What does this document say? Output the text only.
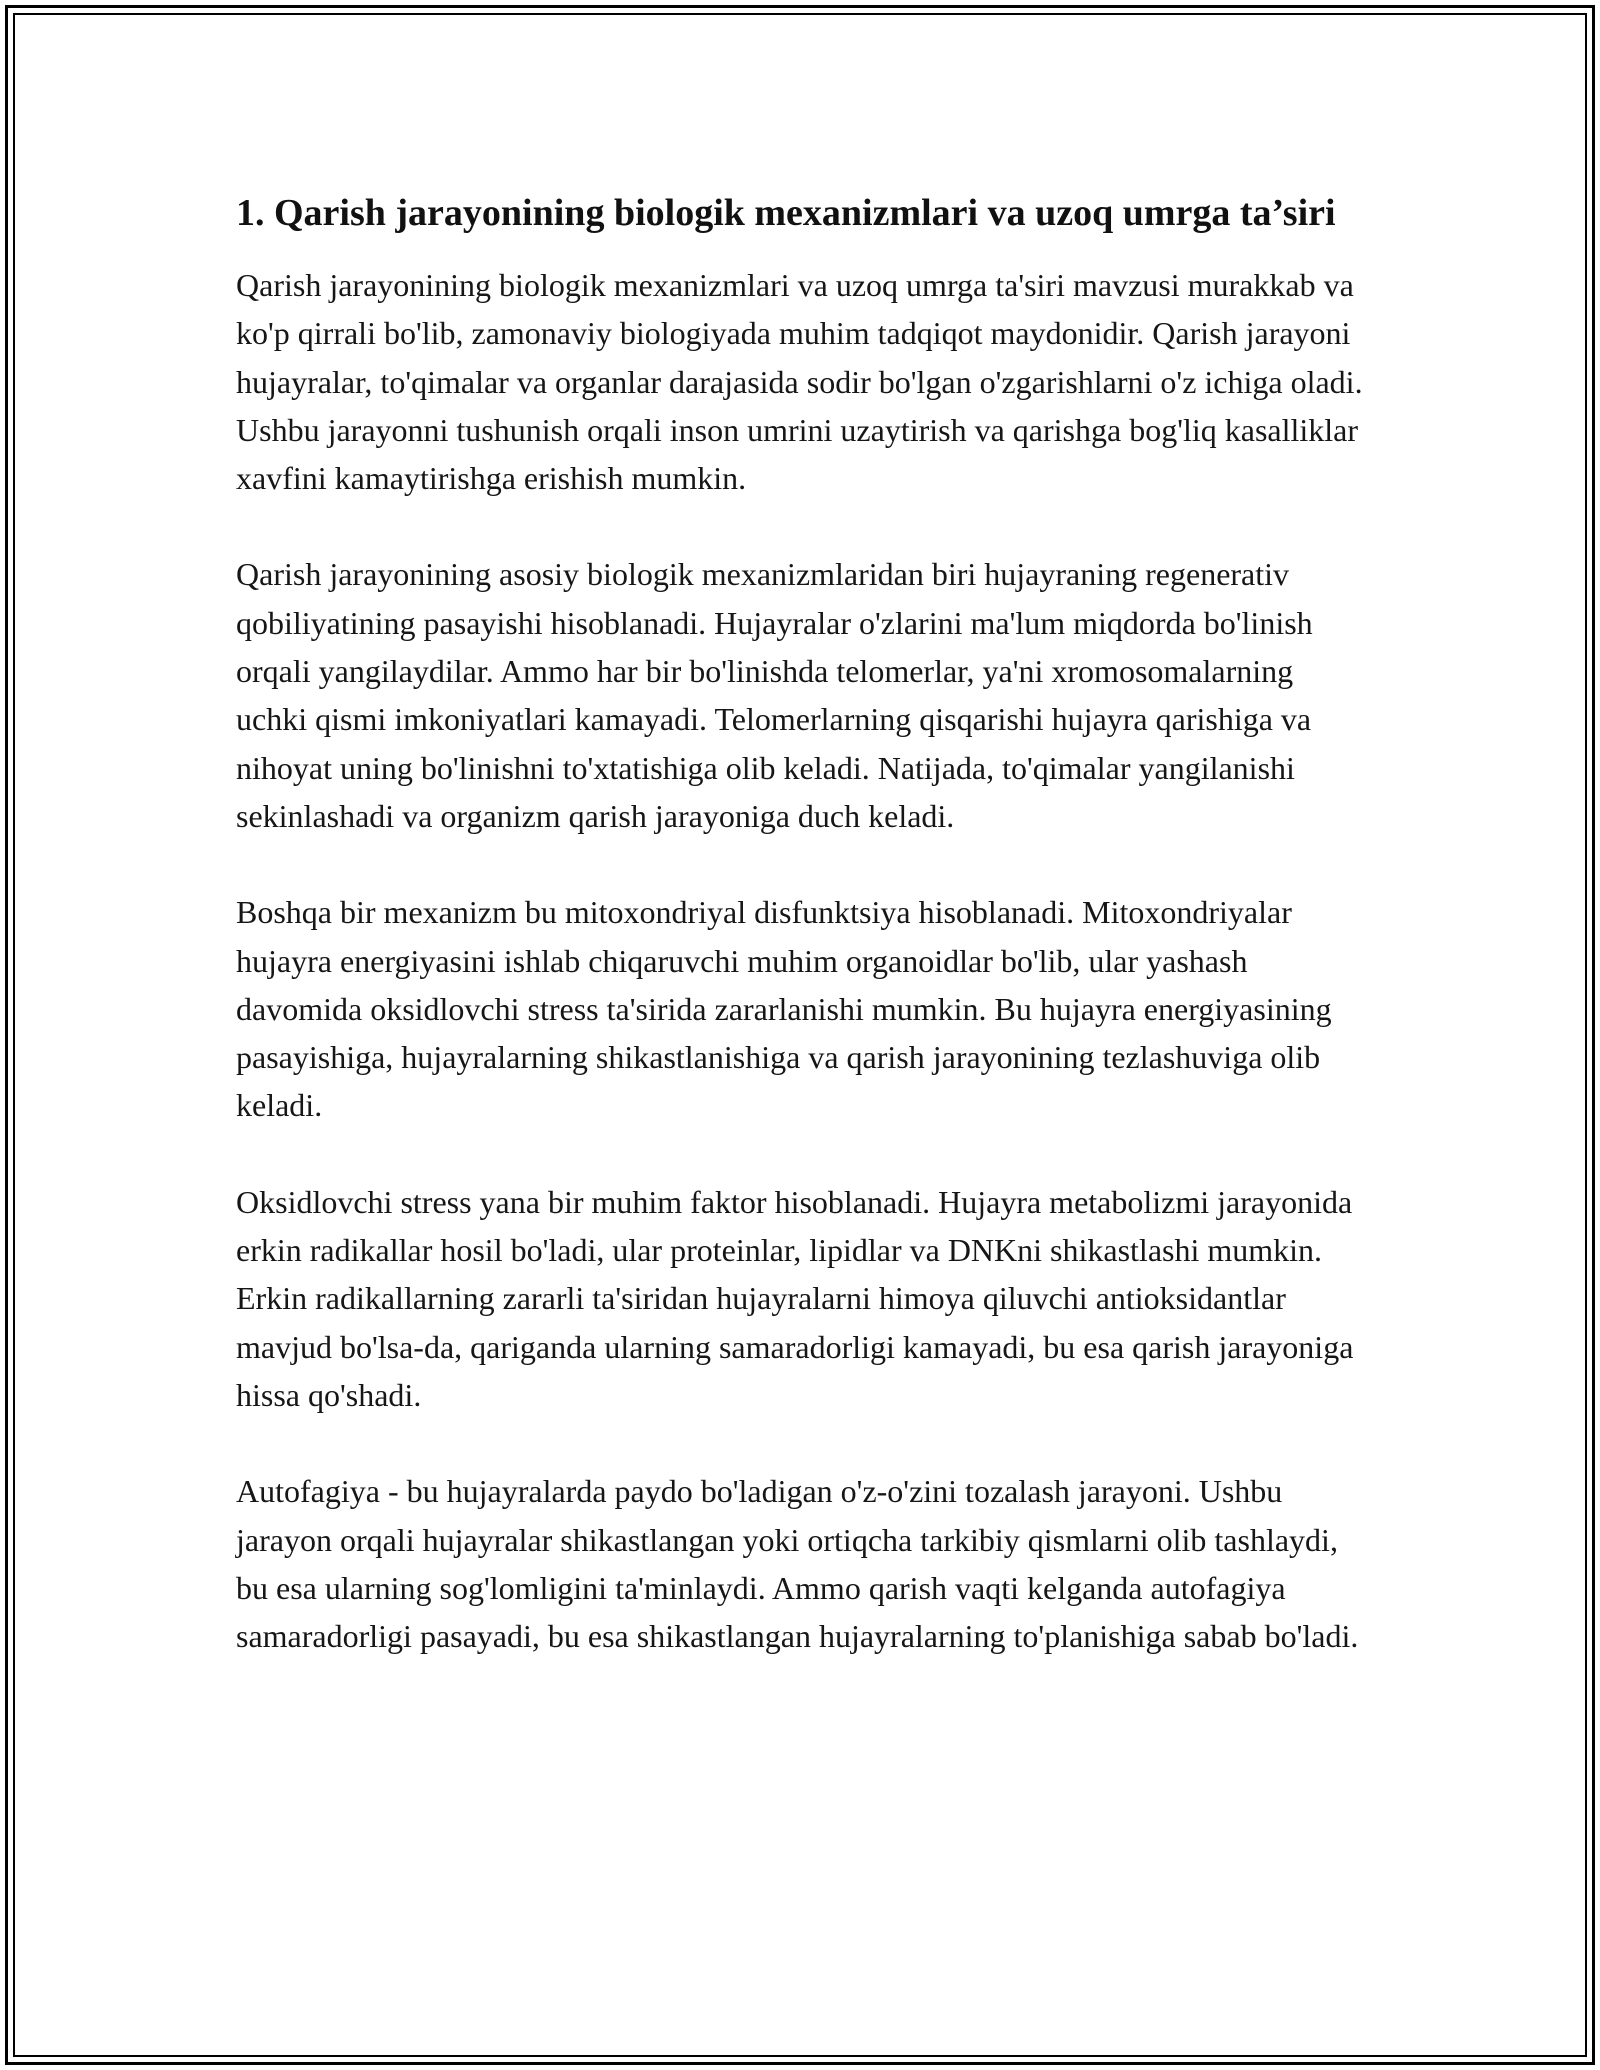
1. Qarish jarayonining biologik mexanizmlari va uzoq umrga ta’siri

Qarish jarayonining biologik mexanizmlari va uzoq umrga ta'siri mavzusi murakkab va ko'p qirrali bo'lib, zamonaviy biologiyada muhim tadqiqot maydonidir. Qarish jarayoni hujayralar, to'qimalar va organlar darajasida sodir bo'lgan o'zgarishlarni o'z ichiga oladi. Ushbu jarayonni tushunish orqali inson umrini uzaytirish va qarishga bog'liq kasalliklar xavfini kamaytirishga erishish mumkin.

Qarish jarayonining asosiy biologik mexanizmlaridan biri hujayraning regenerativ qobiliyatining pasayishi hisoblanadi. Hujayralar o'zlarini ma'lum miqdorda bo'linish orqali yangilaydilar. Ammo har bir bo'linishda telomerlar, ya'ni xromosomalarning uchki qismi imkoniyatlari kamayadi. Telomerlarning qisqarishi hujayra qarishiga va nihoyat uning bo'linishni to'xtatishiga olib keladi. Natijada, to'qimalar yangilanishi sekinlashadi va organizm qarish jarayoniga duch keladi.

Boshqa bir mexanizm bu mitoxondriyal disfunktsiya hisoblanadi. Mitoxondriyalar hujayra energiyasini ishlab chiqaruvchi muhim organoidlar bo'lib, ular yashash davomida oksidlovchi stress ta'sirida zararlanishi mumkin. Bu hujayra energiyasining pasayishiga, hujayralarning shikastlanishiga va qarish jarayonining tezlashuviga olib keladi.

Oksidlovchi stress yana bir muhim faktor hisoblanadi. Hujayra metabolizmi jarayonida erkin radikallar hosil bo'ladi, ular proteinlar, lipidlar va DNKni shikastlashi mumkin. Erkin radikallarning zararli ta'siridan hujayralarni himoya qiluvchi antioksidantlar mavjud bo'lsa-da, qariganda ularning samaradorligi kamayadi, bu esa qarish jarayoniga hissa qo'shadi.

Autofagiya - bu hujayralarda paydo bo'ladigan o'z-o'zini tozalash jarayoni. Ushbu jarayon orqali hujayralar shikastlangan yoki ortiqcha tarkibiy qismlarni olib tashlaydi, bu esa ularning sog'lomligini ta'minlaydi. Ammo qarish vaqti kelganda autofagiya samaradorligi pasayadi, bu esa shikastlangan hujayralarning to'planishiga sabab bo'ladi.
